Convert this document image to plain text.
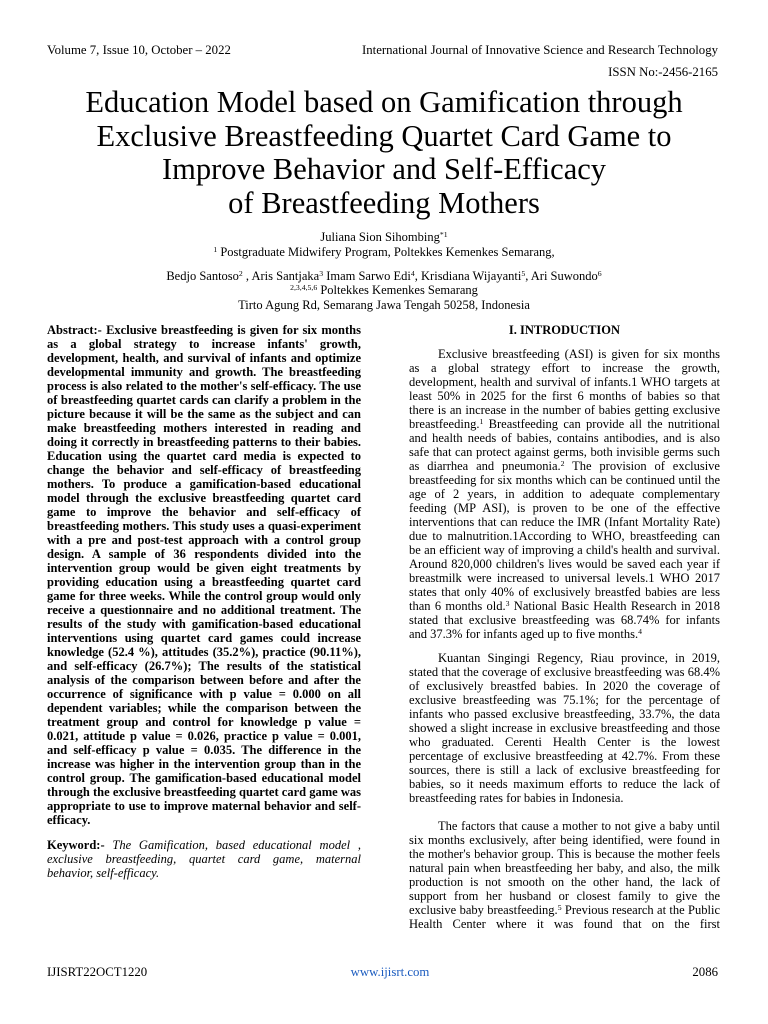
Volume 7, Issue 10, October – 2022	International Journal of Innovative Science and Research Technology
ISSN No:-2456-2165
Education Model based on Gamification through
Exclusive Breastfeeding Quartet Card Game to
Improve Behavior and Self-Efficacy
of Breastfeeding Mothers
Juliana Sion Sihombing$^{*1}$
$^1$ Postgraduate Midwifery Program, Poltekkes Kemenkes Semarang,
Bedjo Santoso$^2$ , Aris Santjaka$^3$ Imam Sarwo Edi$^4$, Krisdiana Wijayanti$^5$, Ari Suwondo$^6$
$^{2,3,4,5,6}$ Poltekkes Kemenkes Semarang
Tirto Agung Rd, Semarang Jawa Tengah 50258, Indonesia

Abstract:- Exclusive breastfeeding is given for six months as a global strategy to increase infants' growth, development, health, and survival of infants and optimize developmental immunity and growth. The breastfeeding process is also related to the mother's self-efficacy. The use of breastfeeding quartet cards can clarify a problem in the picture because it will be the same as the subject and can make breastfeeding mothers interested in reading and doing it correctly in breastfeeding patterns to their babies. Education using the quartet card media is expected to change the behavior and self-efficacy of breastfeeding mothers. To produce a gamification-based educational model through the exclusive breastfeeding quartet card game to improve the behavior and self-efficacy of breastfeeding mothers. This study uses a quasi-experiment with a pre and post-test approach with a control group design. A sample of 36 respondents divided into the intervention group would be given eight treatments by providing education using a breastfeeding quartet card game for three weeks. While the control group would only receive a questionnaire and no additional treatment. The results of the study with gamification-based educational interventions using quartet card games could increase knowledge (52.4 %), attitudes (35.2%), practice (90.11%), and self-efficacy (26.7%); The results of the statistical analysis of the comparison between before and after the occurrence of significance with p value = 0.000 on all dependent variables; while the comparison between the treatment group and control for knowledge p value = 0.021, attitude p value = 0.026, practice p value = 0.001, and self-efficacy p value = 0.035. The difference in the increase was higher in the intervention group than in the control group. The gamification-based educational model through the exclusive breastfeeding quartet card game was appropriate to use to improve maternal behavior and self-efficacy.

Keyword:- The Gamification, based educational model , exclusive breastfeeding, quartet card game, maternal behavior, self-efficacy.

I. INTRODUCTION

Exclusive breastfeeding (ASI) is given for six months as a global strategy effort to increase the growth, development, health and survival of infants.1 WHO targets at least 50% in 2025 for the first 6 months of babies so that there is an increase in the number of babies getting exclusive breastfeeding.$^1$ Breastfeeding can provide all the nutritional and health needs of babies, contains antibodies, and is also safe that can protect against germs, both invisible germs such as diarrhea and pneumonia.$^2$ The provision of exclusive breastfeeding for six months which can be continued until the age of 2 years, in addition to adequate complementary feeding (MP ASI), is proven to be one of the effective interventions that can reduce the IMR (Infant Mortality Rate) due to malnutrition.1According to WHO, breastfeeding can be an efficient way of improving a child's health and survival. Around 820,000 children's lives would be saved each year if breastmilk were increased to universal levels.1 WHO 2017 states that only 40% of exclusively breastfed babies are less than 6 months old.$^3$ National Basic Health Research in 2018 stated that exclusive breastfeeding was 68.74% for infants and 37.3% for infants aged up to five months.$^4$

Kuantan Singingi Regency, Riau province, in 2019, stated that the coverage of exclusive breastfeeding was 68.4% of exclusively breastfed babies. In 2020 the coverage of exclusive breastfeeding was 75.1%; for the percentage of infants who passed exclusive breastfeeding, 33.7%, the data showed a slight increase in exclusive breastfeeding and those who graduated. Cerenti Health Center is the lowest percentage of exclusive breastfeeding at 42.7%. From these sources, there is still a lack of exclusive breastfeeding for babies, so it needs maximum efforts to reduce the lack of breastfeeding rates for babies in Indonesia.

The factors that cause a mother to not give a baby until six months exclusively, after being identified, were found in the mother's behavior group. This is because the mother feels natural pain when breastfeeding her baby, and also, the milk production is not smooth on the other hand, the lack of support from her husband or closest family to give the exclusive baby breastfeeding.$^5$ Previous research at the Public Health Center where it was found that on the first

IJISRT22OCT1220	www.ijisrt.com	2086
